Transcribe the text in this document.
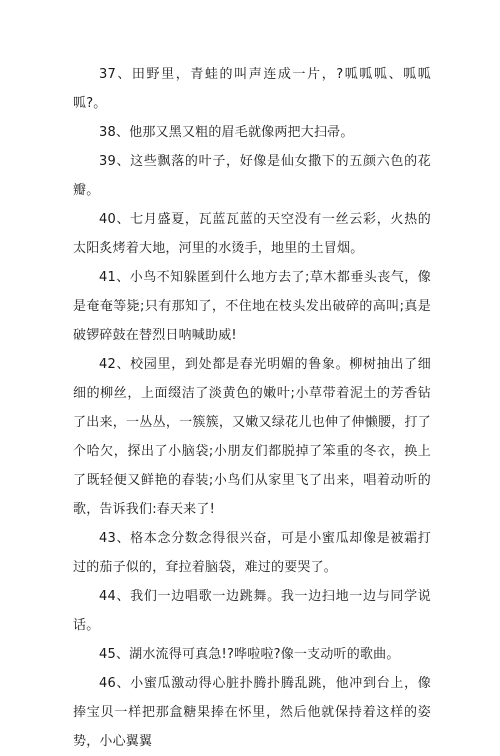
37、田野里，青蛙的叫声连成一片，?呱呱呱、呱呱呱?。

38、他那又黑又粗的眉毛就像两把大扫帚。

39、这些飘落的叶子，好像是仙女撒下的五颜六色的花瓣。

40、七月盛夏，瓦蓝瓦蓝的天空没有一丝云彩，火热的太阳炙烤着大地，河里的水烫手，地里的土冒烟。

41、小鸟不知躲匿到什么地方去了;草木都垂头丧气，像是奄奄等毙;只有那知了，不住地在枝头发出破碎的高叫;真是破锣碎鼓在替烈日呐喊助威!

42、校园里，到处都是春光明媚的鲁象。柳树抽出了细细的柳丝，上面缀洁了淡黄色的嫩叶;小草带着泥土的芳香钻了出来，一丛丛，一簇簇，又嫩又绿花儿也伸了伸懒腰，打了个哈欠，探出了小脑袋;小朋友们都脱掉了笨重的冬衣，换上了既轻便又鲜艳的春装;小鸟们从家里飞了出来，唱着动听的歌，告诉我们:春天来了!

43、格本念分数念得很兴奋，可是小蜜瓜却像是被霜打过的茄子似的，耷拉着脑袋，难过的要哭了。

44、我们一边唱歌一边跳舞。我一边扫地一边与同学说话。

45、湖水流得可真急!?哗啦啦?像一支动听的歌曲。

46、小蜜瓜激动得心脏扑腾扑腾乱跳，他冲到台上，像捧宝贝一样把那盒糖果捧在怀里，然后他就保持着这样的姿势，小心翼翼
